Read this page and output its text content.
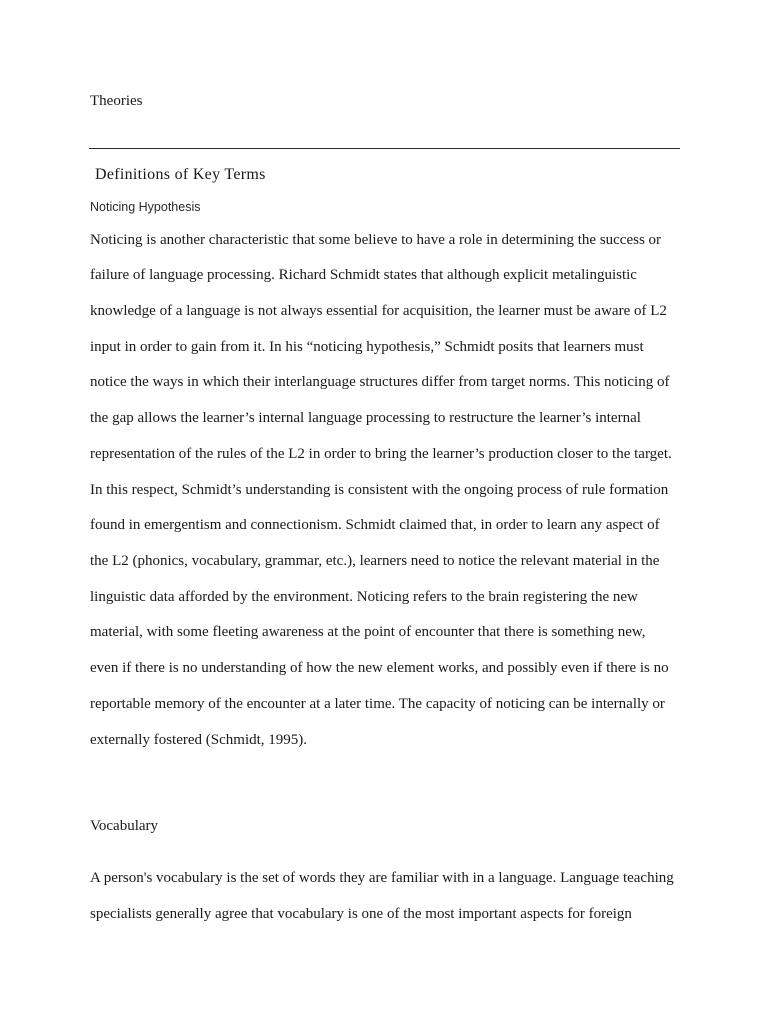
Theories
Definitions of Key Terms
Noticing Hypothesis
Noticing is another characteristic that some believe to have a role in determining the success or
failure of language processing. Richard Schmidt states that although explicit metalinguistic
knowledge of a language is not always essential for acquisition, the learner must be aware of L2
input in order to gain from it. In his “noticing hypothesis,” Schmidt posits that learners must
notice the ways in which their interlanguage structures differ from target norms. This noticing of
the gap allows the learner’s internal language processing to restructure the learner’s internal
representation of the rules of the L2 in order to bring the learner’s production closer to the target.
In this respect, Schmidt’s understanding is consistent with the ongoing process of rule formation
found in emergentism and connectionism. Schmidt claimed that, in order to learn any aspect of
the L2 (phonics, vocabulary, grammar, etc.), learners need to notice the relevant material in the
linguistic data afforded by the environment. Noticing refers to the brain registering the new
material, with some fleeting awareness at the point of encounter that there is something new,
even if there is no understanding of how the new element works, and possibly even if there is no
reportable memory of the encounter at a later time. The capacity of noticing can be internally or
externally fostered (Schmidt, 1995).
Vocabulary
A person's vocabulary is the set of words they are familiar with in a language. Language teaching
specialists generally agree that vocabulary is one of the most important aspects for foreign
